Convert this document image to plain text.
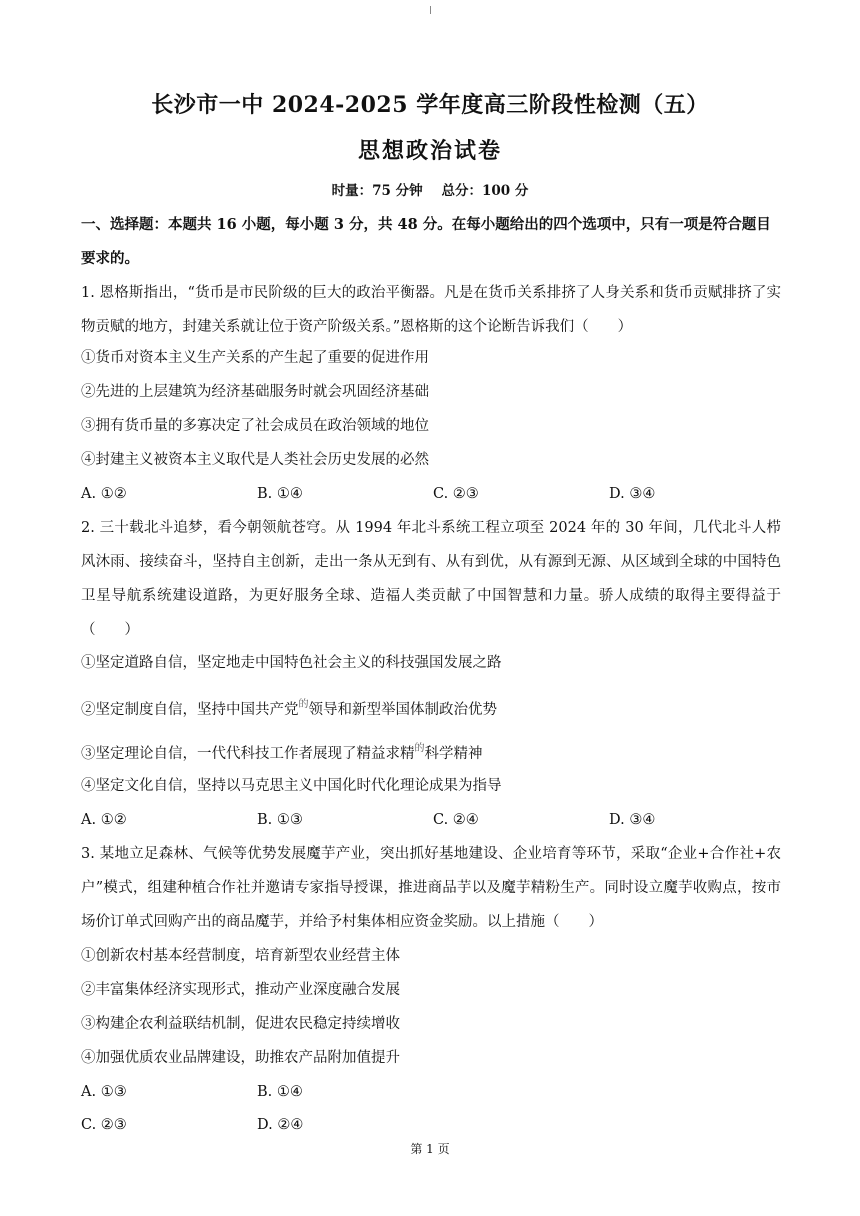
长沙市一中 2024-2025 学年度高三阶段性检测（五）
思想政治试卷
时量：75 分钟    总分：100 分
一、选择题：本题共 16 小题，每小题 3 分，共 48 分。在每小题给出的四个选项中，只有一项是符合题目要求的。
1. 恩格斯指出，“货币是市民阶级的巨大的政治平衡器。凡是在货币关系排挤了人身关系和货币贡赋排挤了实物贡赋的地方，封建关系就让位于资产阶级关系。”恩格斯的这个论断告诉我们（　　）
①货币对资本主义生产关系的产生起了重要的促进作用
②先进的上层建筑为经济基础服务时就会巩固经济基础
③拥有货币量的多寡决定了社会成员在政治领域的地位
④封建主义被资本主义取代是人类社会历史发展的必然
A. ①②	B. ①④	C. ②③	D. ③④
2. 三十载北斗追梦，看今朝领航苍穹。从 1994 年北斗系统工程立项至 2024 年的 30 年间，几代北斗人栉风沐雨、接续奋斗，坚持自主创新，走出一条从无到有、从有到优，从有源到无源、从区域到全球的中国特色卫星导航系统建设道路，为更好服务全球、造福人类贡献了中国智慧和力量。骄人成绩的取得主要得益于 （　　）
①坚定道路自信，坚定地走中国特色社会主义的科技强国发展之路
②坚定制度自信，坚持中国共产党$^的$领导和新型举国体制政治优势
③坚定理论自信，一代代科技工作者展现了精益求精$^的$科学精神
④坚定文化自信，坚持以马克思主义中国化时代化理论成果为指导
A. ①②	B. ①③	C. ②④	D. ③④
3. 某地立足森林、气候等优势发展魔芋产业，突出抓好基地建设、企业培育等环节，采取“企业+合作社+农户”模式，组建种植合作社并邀请专家指导授课，推进商品芋以及魔芋精粉生产。同时设立魔芋收购点，按市场价订单式回购产出的商品魔芋，并给予村集体相应资金奖励。以上措施（　　）
①创新农村基本经营制度，培育新型农业经营主体
②丰富集体经济实现形式，推动产业深度融合发展
③构建企农利益联结机制，促进农民稳定持续增收
④加强优质农业品牌建设，助推农产品附加值提升
A. ①③	B. ①④
C. ②③	D. ②④
第 1 页
